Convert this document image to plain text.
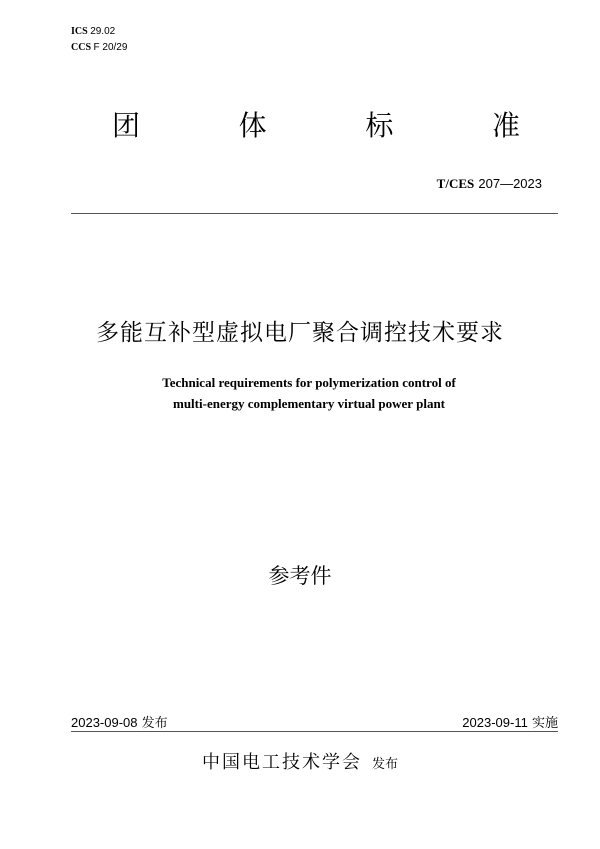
ICS 29.02
CCS F 20/29
团	体	标	准
T/CES 207—2023
多能互补型虚拟电厂聚合调控技术要求
Technical requirements for polymerization control of
multi-energy complementary virtual power plant
参考件
2023-09-08 发布	2023-09-11 实施
中国电工技术学会 发布
